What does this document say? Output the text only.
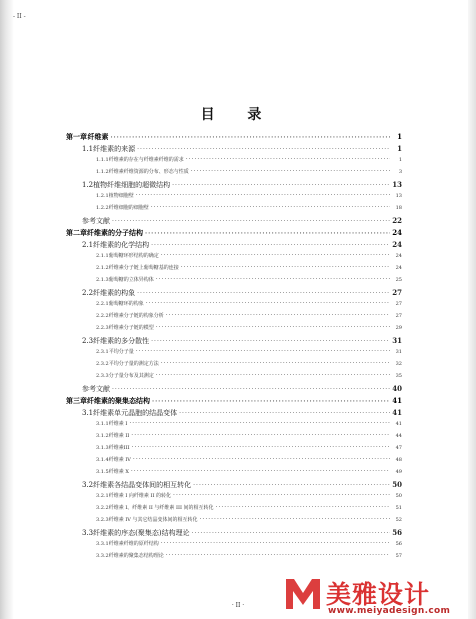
- II -
目 录
第一章 纤维素 ·····	1
1.1 纤维素的来源 ·····	1
1.1.1 纤维素的存在与纤维素纤维的需求 ·····	1
1.1.2 纤维素纤维资源的分布、形态与性质 ·····	3
1.2 植物纤维细胞的超微结构 ·····	13
1.2.1 植物细胞壁 ·····	13
1.2.2 纤维细胞的细胞壁 ·····	18
参考文献 ·····	22
第二章 纤维素的分子结构 ·····	24
2.1 纤维素的化学结构 ·····	24
2.1.1 葡萄糖环形结构的确定 ·····	24
2.1.2 纤维素分子链上葡萄糖基的连接 ·····	24
2.1.3 葡萄糖的立体异构体 ·····	25
2.2 纤维素的构象 ·····	27
2.2.1 葡萄糖环的构象 ·····	27
2.2.2 纤维素分子链的构象分析 ·····	27
2.2.3 纤维素分子链的模型 ·····	29
2.3 纤维素的多分散性 ·····	31
2.3.1 平均分子量 ·····	31
2.3.2 平均分子量的测定方法 ·····	32
2.3.3 分子量分布及其测定 ·····	35
参考文献 ·····	40
第三章 纤维素的聚集态结构 ·····	41
3.1 纤维素单元晶胞的结晶变体 ·····	41
3.1.1 纤维素 I ·····	41
3.1.2 纤维素 II ·····	44
3.1.3 纤维素III ·····	47
3.1.4 纤维素 IV ·····	48
3.1.5 纤维素 X ·····	49
3.2 纤维素各结晶变体间的相互转化 ·····	50
3.2.1 纤维素 I 向纤维素 II 的转化 ·····	50
3.2.2 纤维素 I、纤维素 II 与纤维素 III 间的相互转化 ·····	51
3.2.3 纤维素 IV 与其它结晶变体间的相互转化 ·····	52
3.3 纤维素的序态(聚集态)结构理论 ·····	56
3.3.1 纤维素纤维的原纤结构 ·····	56
3.3.2 纤维素的聚集态结构理论 ·····	57
· II ·	美雅设计
www.meiyadesign.com
